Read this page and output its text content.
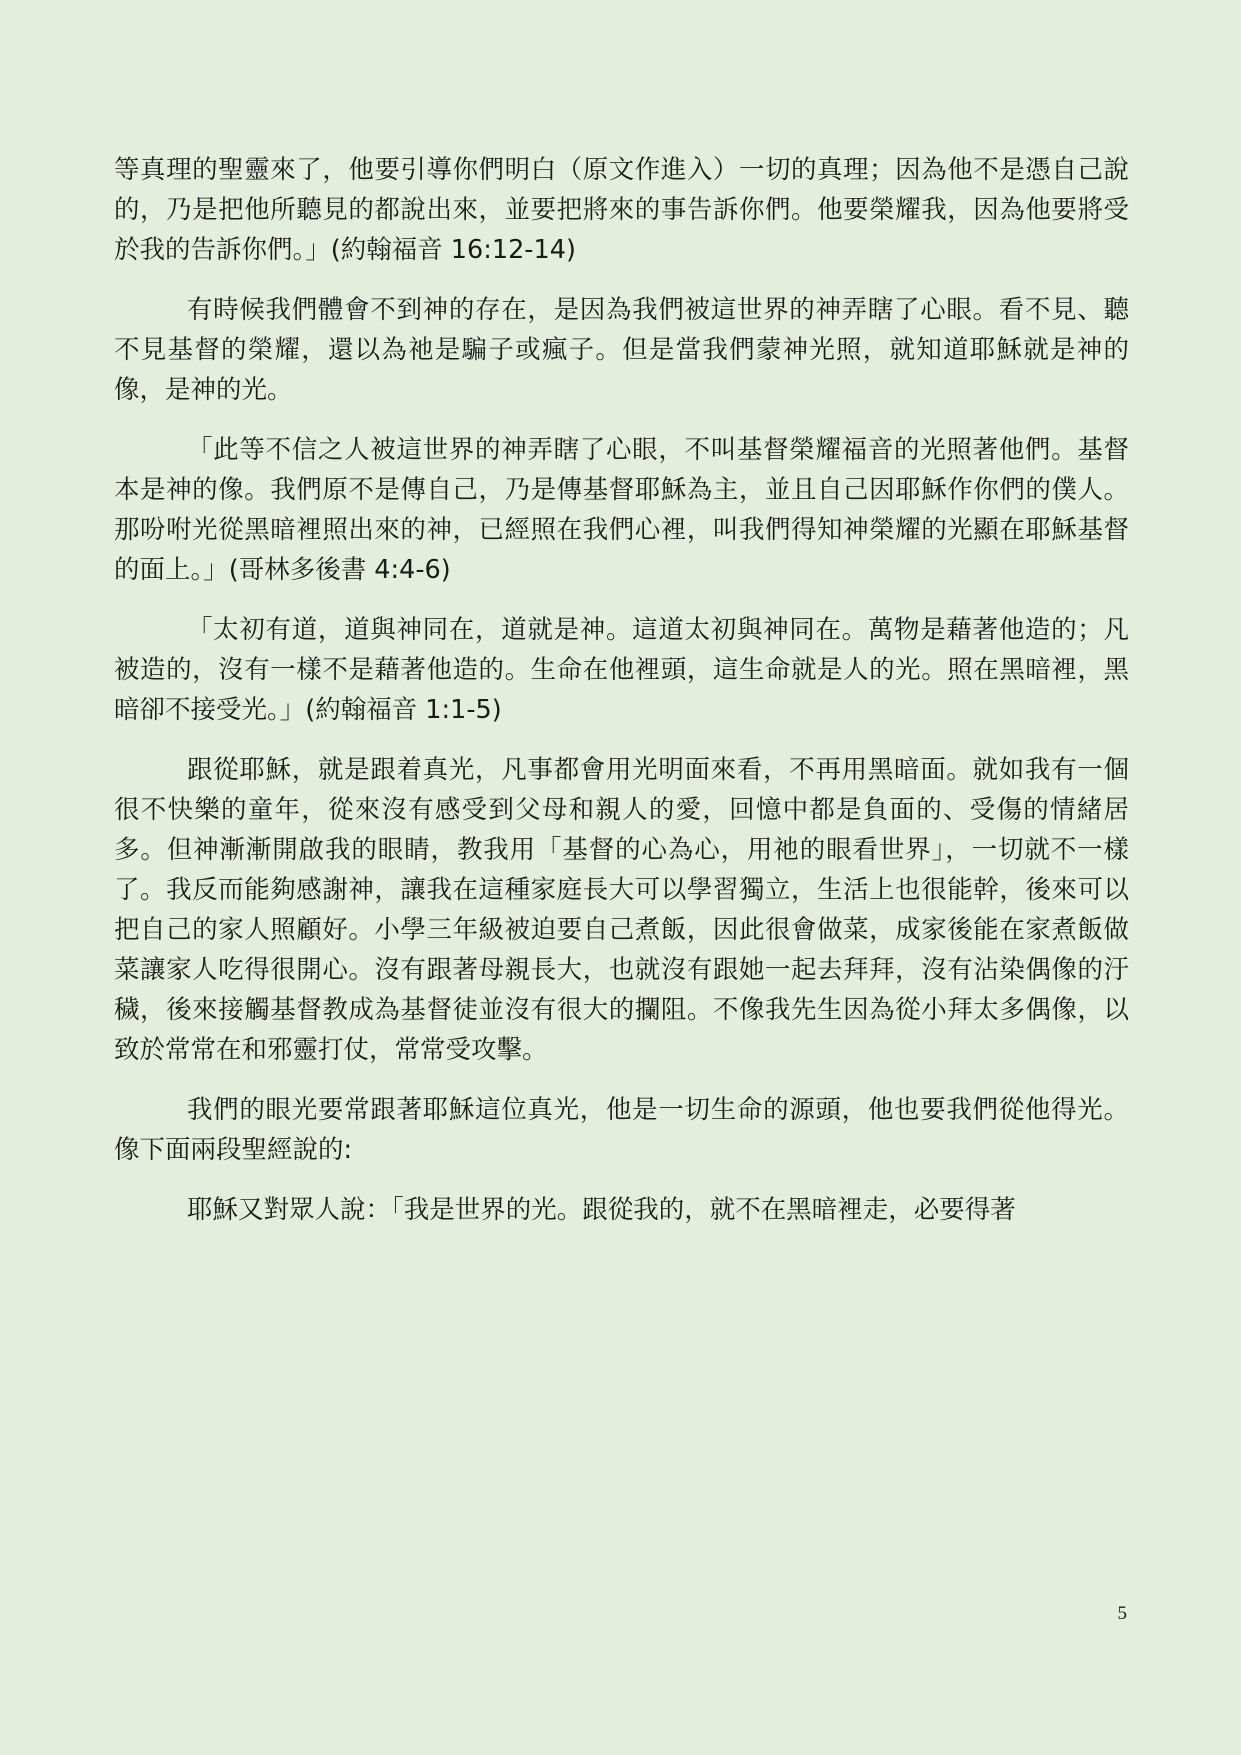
等真理的聖靈來了，他要引導你們明白（原文作進入）一切的真理；因為他不是憑自己說的，乃是把他所聽見的都說出來，並要把將來的事告訴你們。他要榮耀我，因為他要將受於我的告訴你們。」(約翰福音 16:12-14)

有時候我們體會不到神的存在，是因為我們被這世界的神弄瞎了心眼。看不見、聽不見基督的榮耀，還以為祂是騙子或瘋子。但是當我們蒙神光照，就知道耶穌就是神的像，是神的光。

「此等不信之人被這世界的神弄瞎了心眼，不叫基督榮耀福音的光照著他們。基督本是神的像。我們原不是傳自己，乃是傳基督耶穌為主，並且自己因耶穌作你們的僕人。那吩咐光從黑暗裡照出來的神，已經照在我們心裡，叫我們得知神榮耀的光顯在耶穌基督的面上。」(哥林多後書 4:4-6)

「太初有道，道與神同在，道就是神。這道太初與神同在。萬物是藉著他造的；凡被造的，沒有一樣不是藉著他造的。生命在他裡頭，這生命就是人的光。照在黑暗裡，黑暗卻不接受光。」(約翰福音 1:1-5)

跟從耶穌，就是跟着真光，凡事都會用光明面來看，不再用黑暗面。就如我有一個很不快樂的童年，從來沒有感受到父母和親人的愛，回憶中都是負面的、受傷的情緒居多。但神漸漸開啟我的眼睛，教我用「基督的心為心，用祂的眼看世界」，一切就不一樣了。我反而能夠感謝神，讓我在這種家庭長大可以學習獨立，生活上也很能幹，後來可以把自己的家人照顧好。小學三年級被迫要自己煮飯，因此很會做菜，成家後能在家煮飯做菜讓家人吃得很開心。沒有跟著母親長大，也就沒有跟她一起去拜拜，沒有沾染偶像的汙穢，後來接觸基督教成為基督徒並沒有很大的攔阻。不像我先生因為從小拜太多偶像，以致於常常在和邪靈打仗，常常受攻擊。

我們的眼光要常跟著耶穌這位真光，他是一切生命的源頭，他也要我們從他得光。像下面兩段聖經說的:

耶穌又對眾人說：「我是世界的光。跟從我的，就不在黑暗裡走，必要得著

5
